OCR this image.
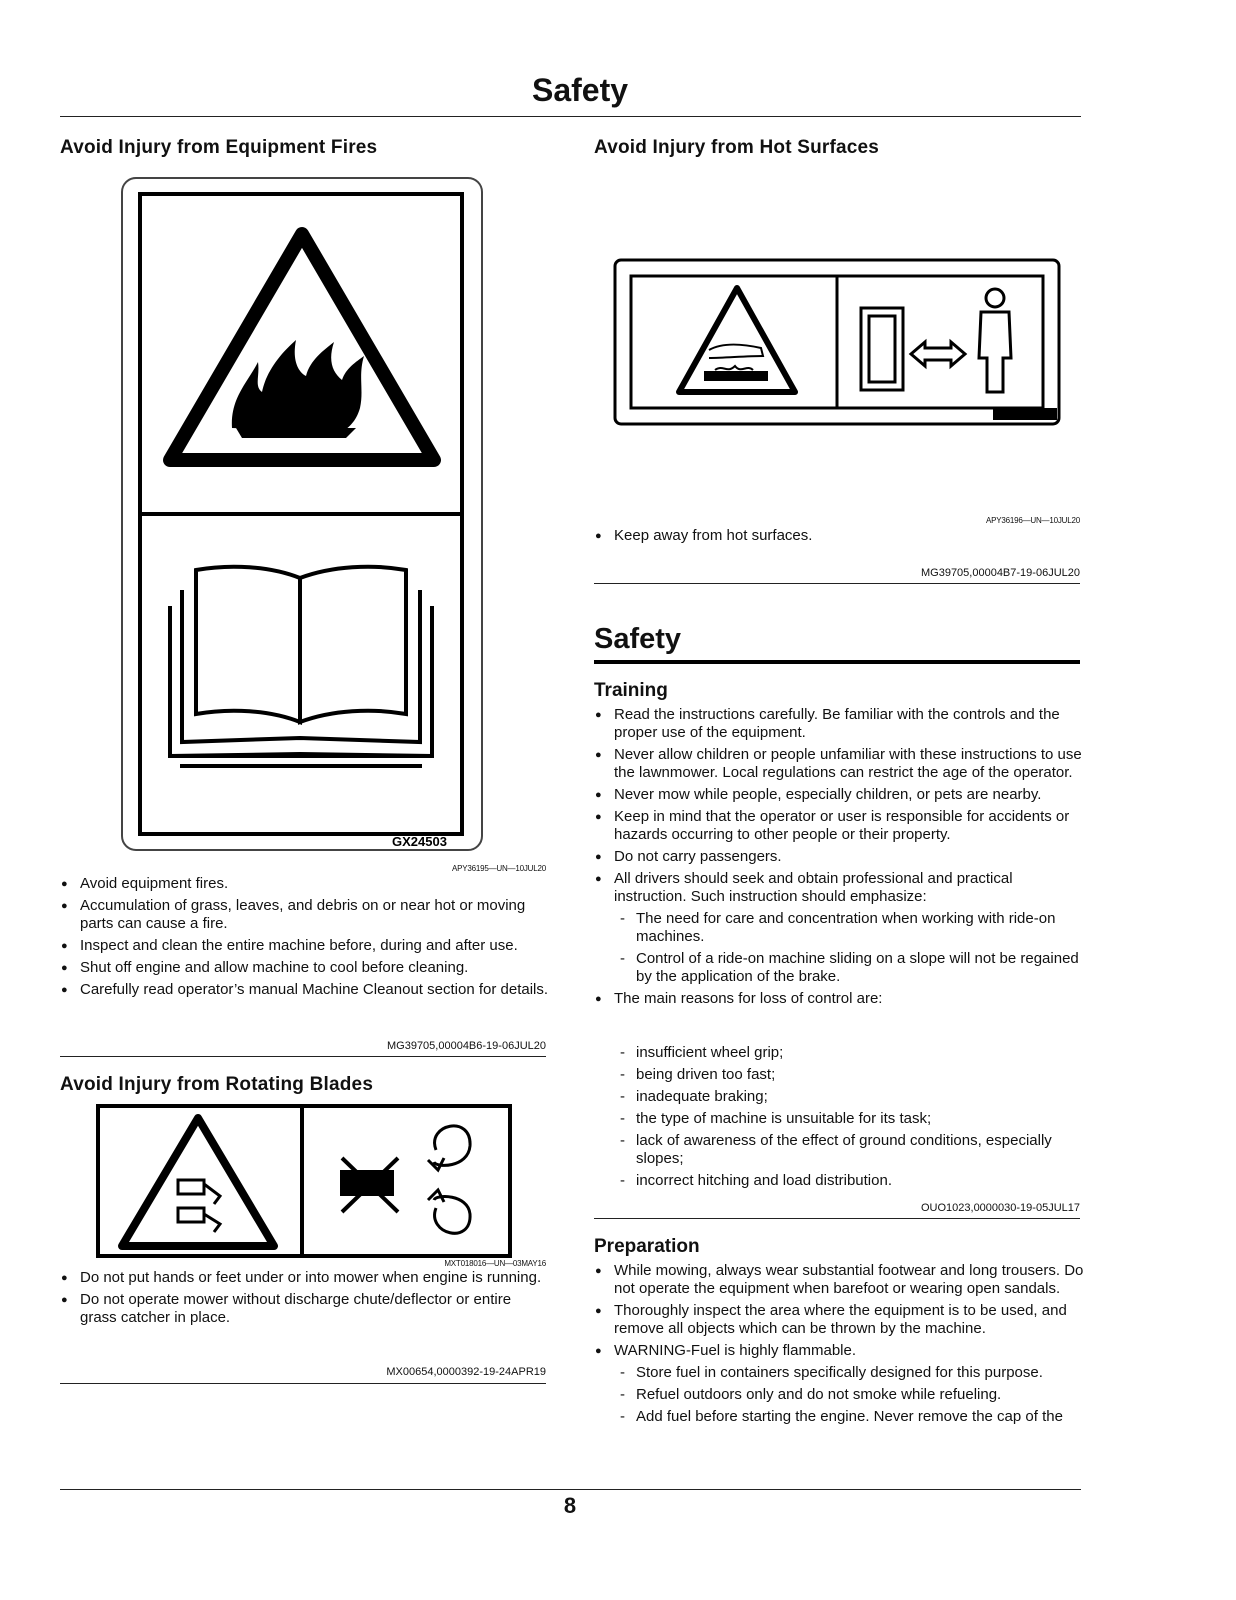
Safety
Avoid Injury from Equipment Fires
GX24503
APY36195—UN—10JUL20
● Avoid equipment fires.
● Accumulation of grass, leaves, and debris on or near hot or moving parts can cause a fire.
● Inspect and clean the entire machine before, during and after use.
● Shut off engine and allow machine to cool before cleaning.
● Carefully read operator’s manual Machine Cleanout section for details.
MG39705,00004B6-19-06JUL20
Avoid Injury from Rotating Blades
MXT018016—UN—03MAY16
● Do not put hands or feet under or into mower when engine is running.
● Do not operate mower without discharge chute/deflector or entire grass catcher in place.
MX00654,0000392-19-24APR19
Avoid Injury from Hot Surfaces
APY36196—UN—10JUL20
● Keep away from hot surfaces.
MG39705,00004B7-19-06JUL20
Safety
Training
● Read the instructions carefully. Be familiar with the controls and the proper use of the equipment.
● Never allow children or people unfamiliar with these instructions to use the lawnmower. Local regulations can restrict the age of the operator.
● Never mow while people, especially children, or pets are nearby.
● Keep in mind that the operator or user is responsible for accidents or hazards occurring to other people or their property.
● Do not carry passengers.
● All drivers should seek and obtain professional and practical instruction. Such instruction should emphasize:
- The need for care and concentration when working with ride-on machines.
- Control of a ride-on machine sliding on a slope will not be regained by the application of the brake.
● The main reasons for loss of control are:
- insufficient wheel grip;
- being driven too fast;
- inadequate braking;
- the type of machine is unsuitable for its task;
- lack of awareness of the effect of ground conditions, especially slopes;
- incorrect hitching and load distribution.
OUO1023,0000030-19-05JUL17
Preparation
● While mowing, always wear substantial footwear and long trousers. Do not operate the equipment when barefoot or wearing open sandals.
● Thoroughly inspect the area where the equipment is to be used, and remove all objects which can be thrown by the machine.
● WARNING-Fuel is highly flammable.
- Store fuel in containers specifically designed for this purpose.
- Refuel outdoors only and do not smoke while refueling.
- Add fuel before starting the engine. Never remove the cap of the
8
